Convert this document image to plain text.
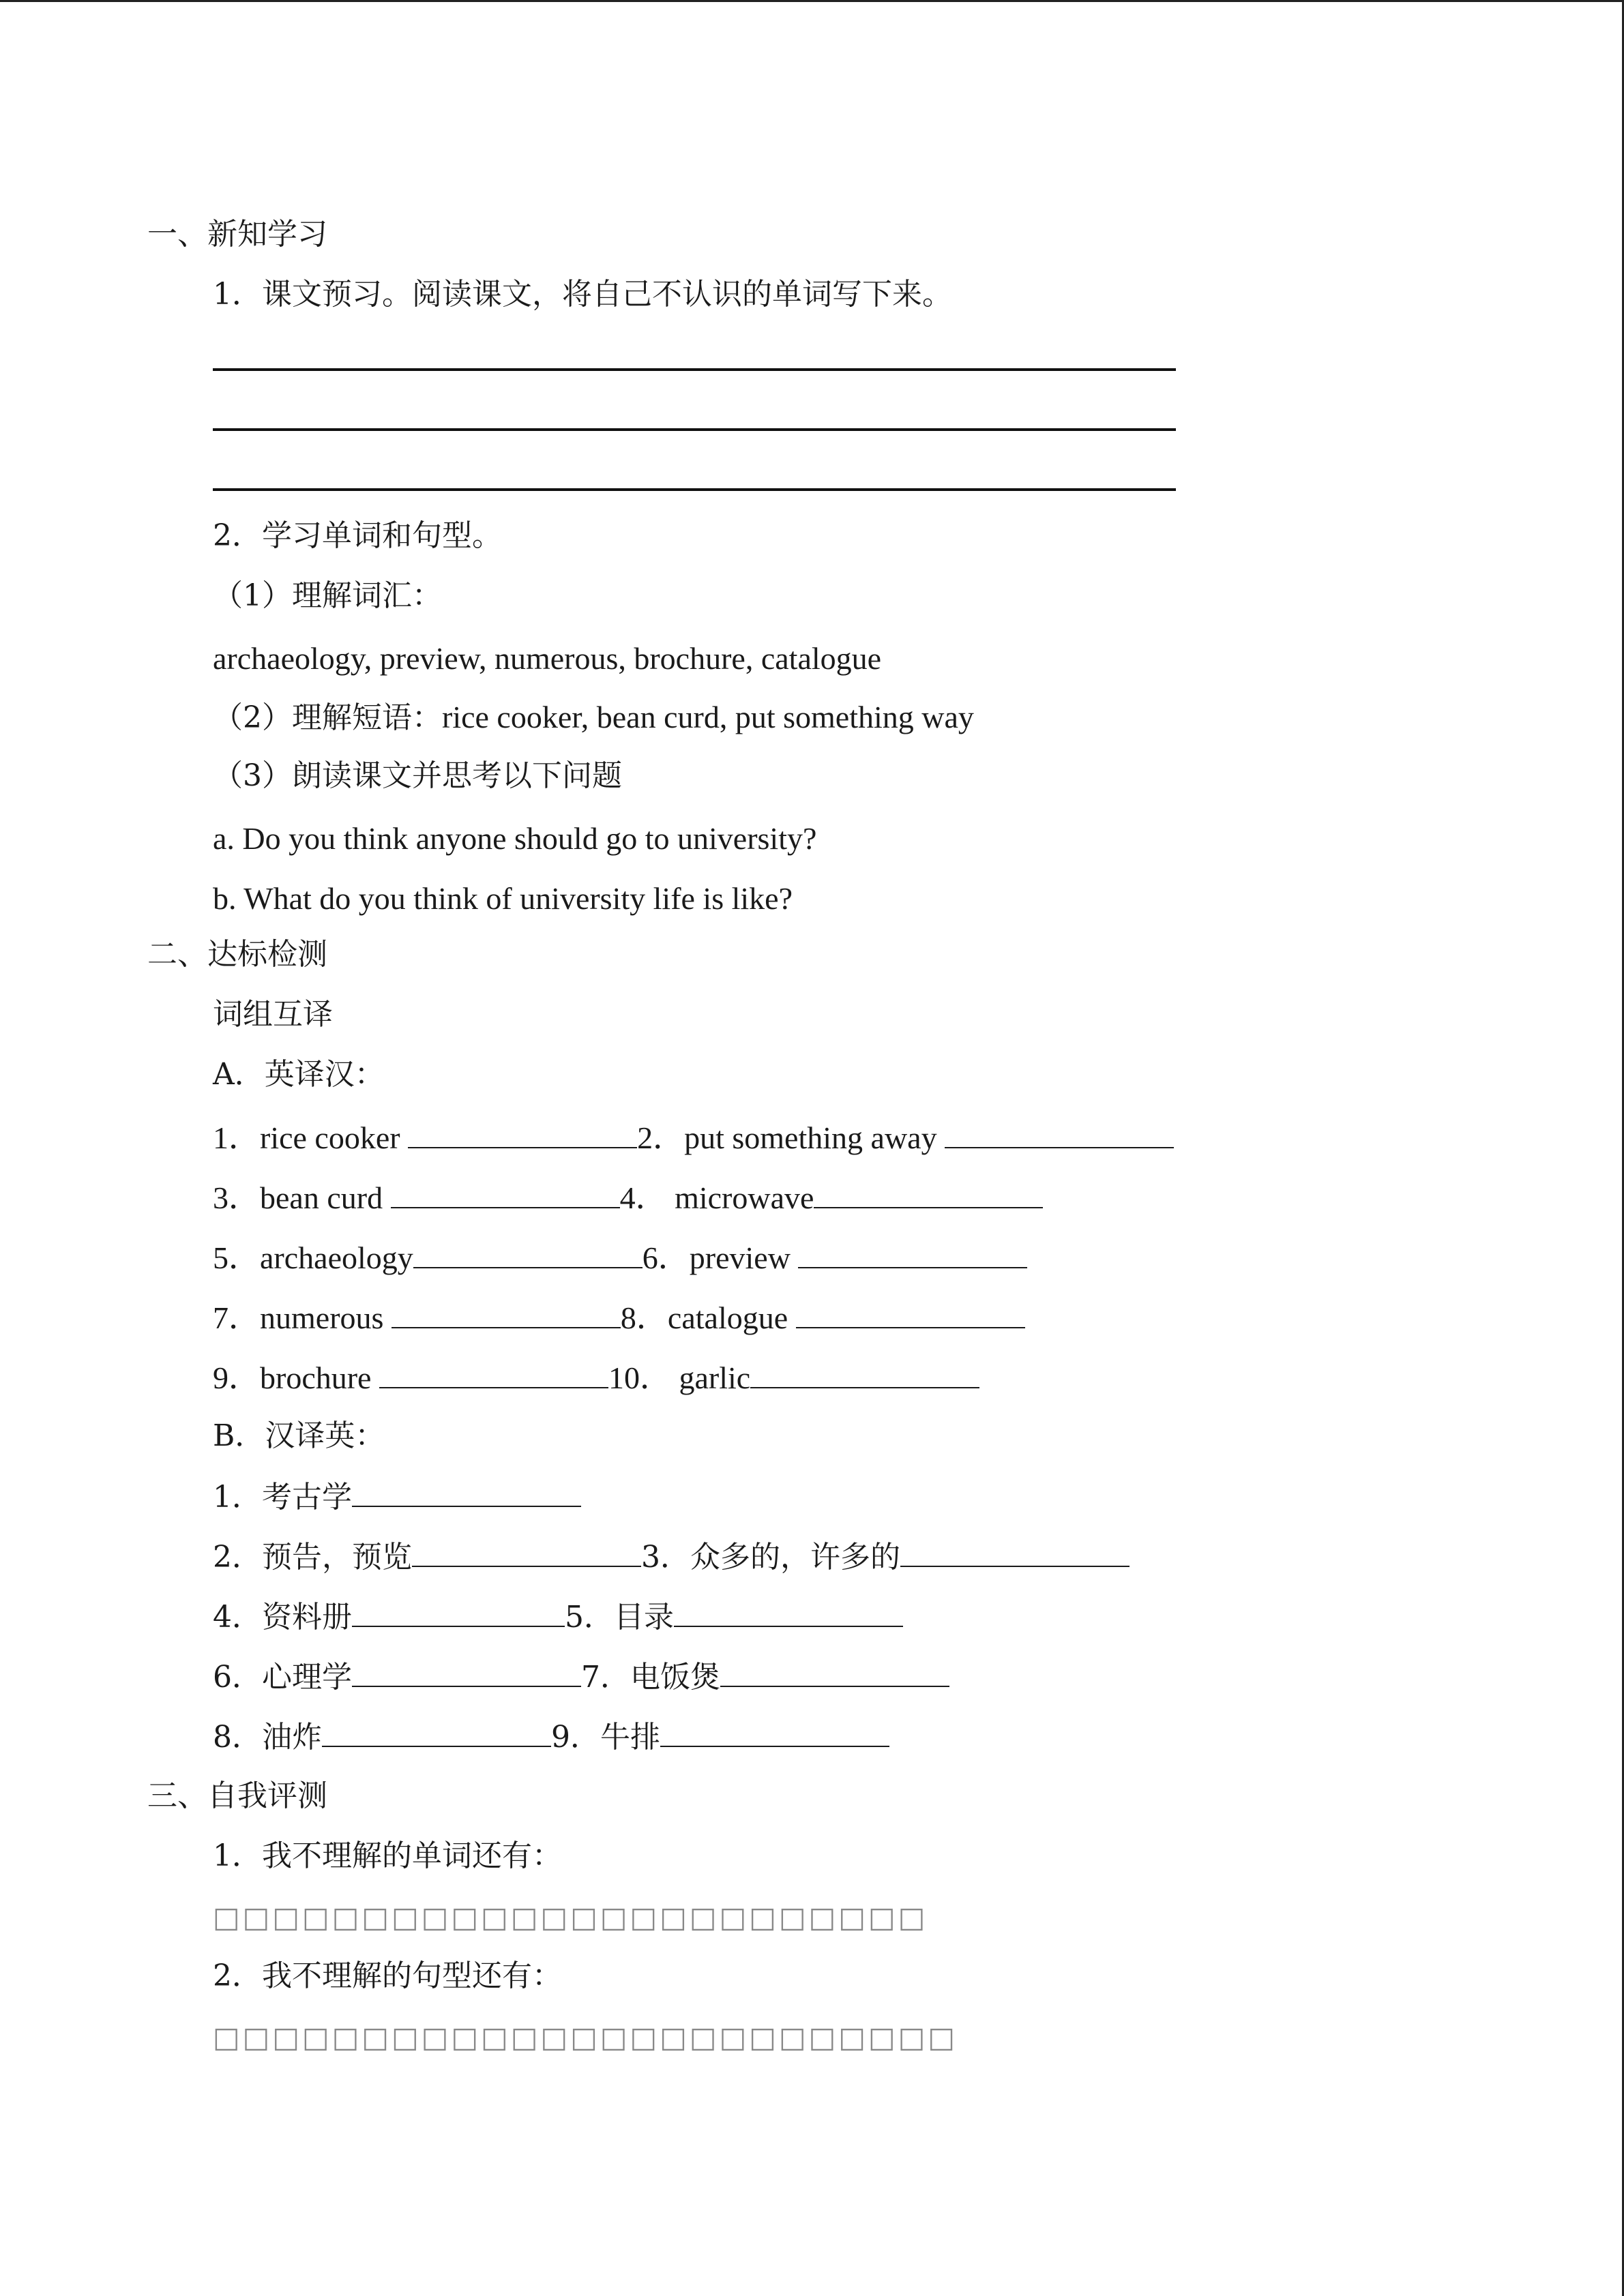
一、新知学习
1．课文预习。阅读课文，将自己不认识的单词写下来。
2．学习单词和句型。
（1）理解词汇：
archaeology, preview, numerous, brochure, catalogue
（2）理解短语：rice cooker, bean curd, put something way
（3）朗读课文并思考以下问题
a. Do you think anyone should go to university?
b. What do you think of university life is like?
二、达标检测
词组互译
A．英译汉：
1．rice cooker	2．put something away
3．bean curd	4． microwave
5．archaeology	6．preview
7．numerous	8．catalogue
9．brochure	10． garlic
B．汉译英：
1．考古学
2．预告，预览	3．众多的，许多的
4．资料册	5．目录
6．心理学	7．电饭煲
8．油炸	9．牛排
三、自我评测
1．我不理解的单词还有：
□□□□□□□□□□□□□□□□□□□□□□□□
2．我不理解的句型还有：
□□□□□□□□□□□□□□□□□□□□□□□□□
